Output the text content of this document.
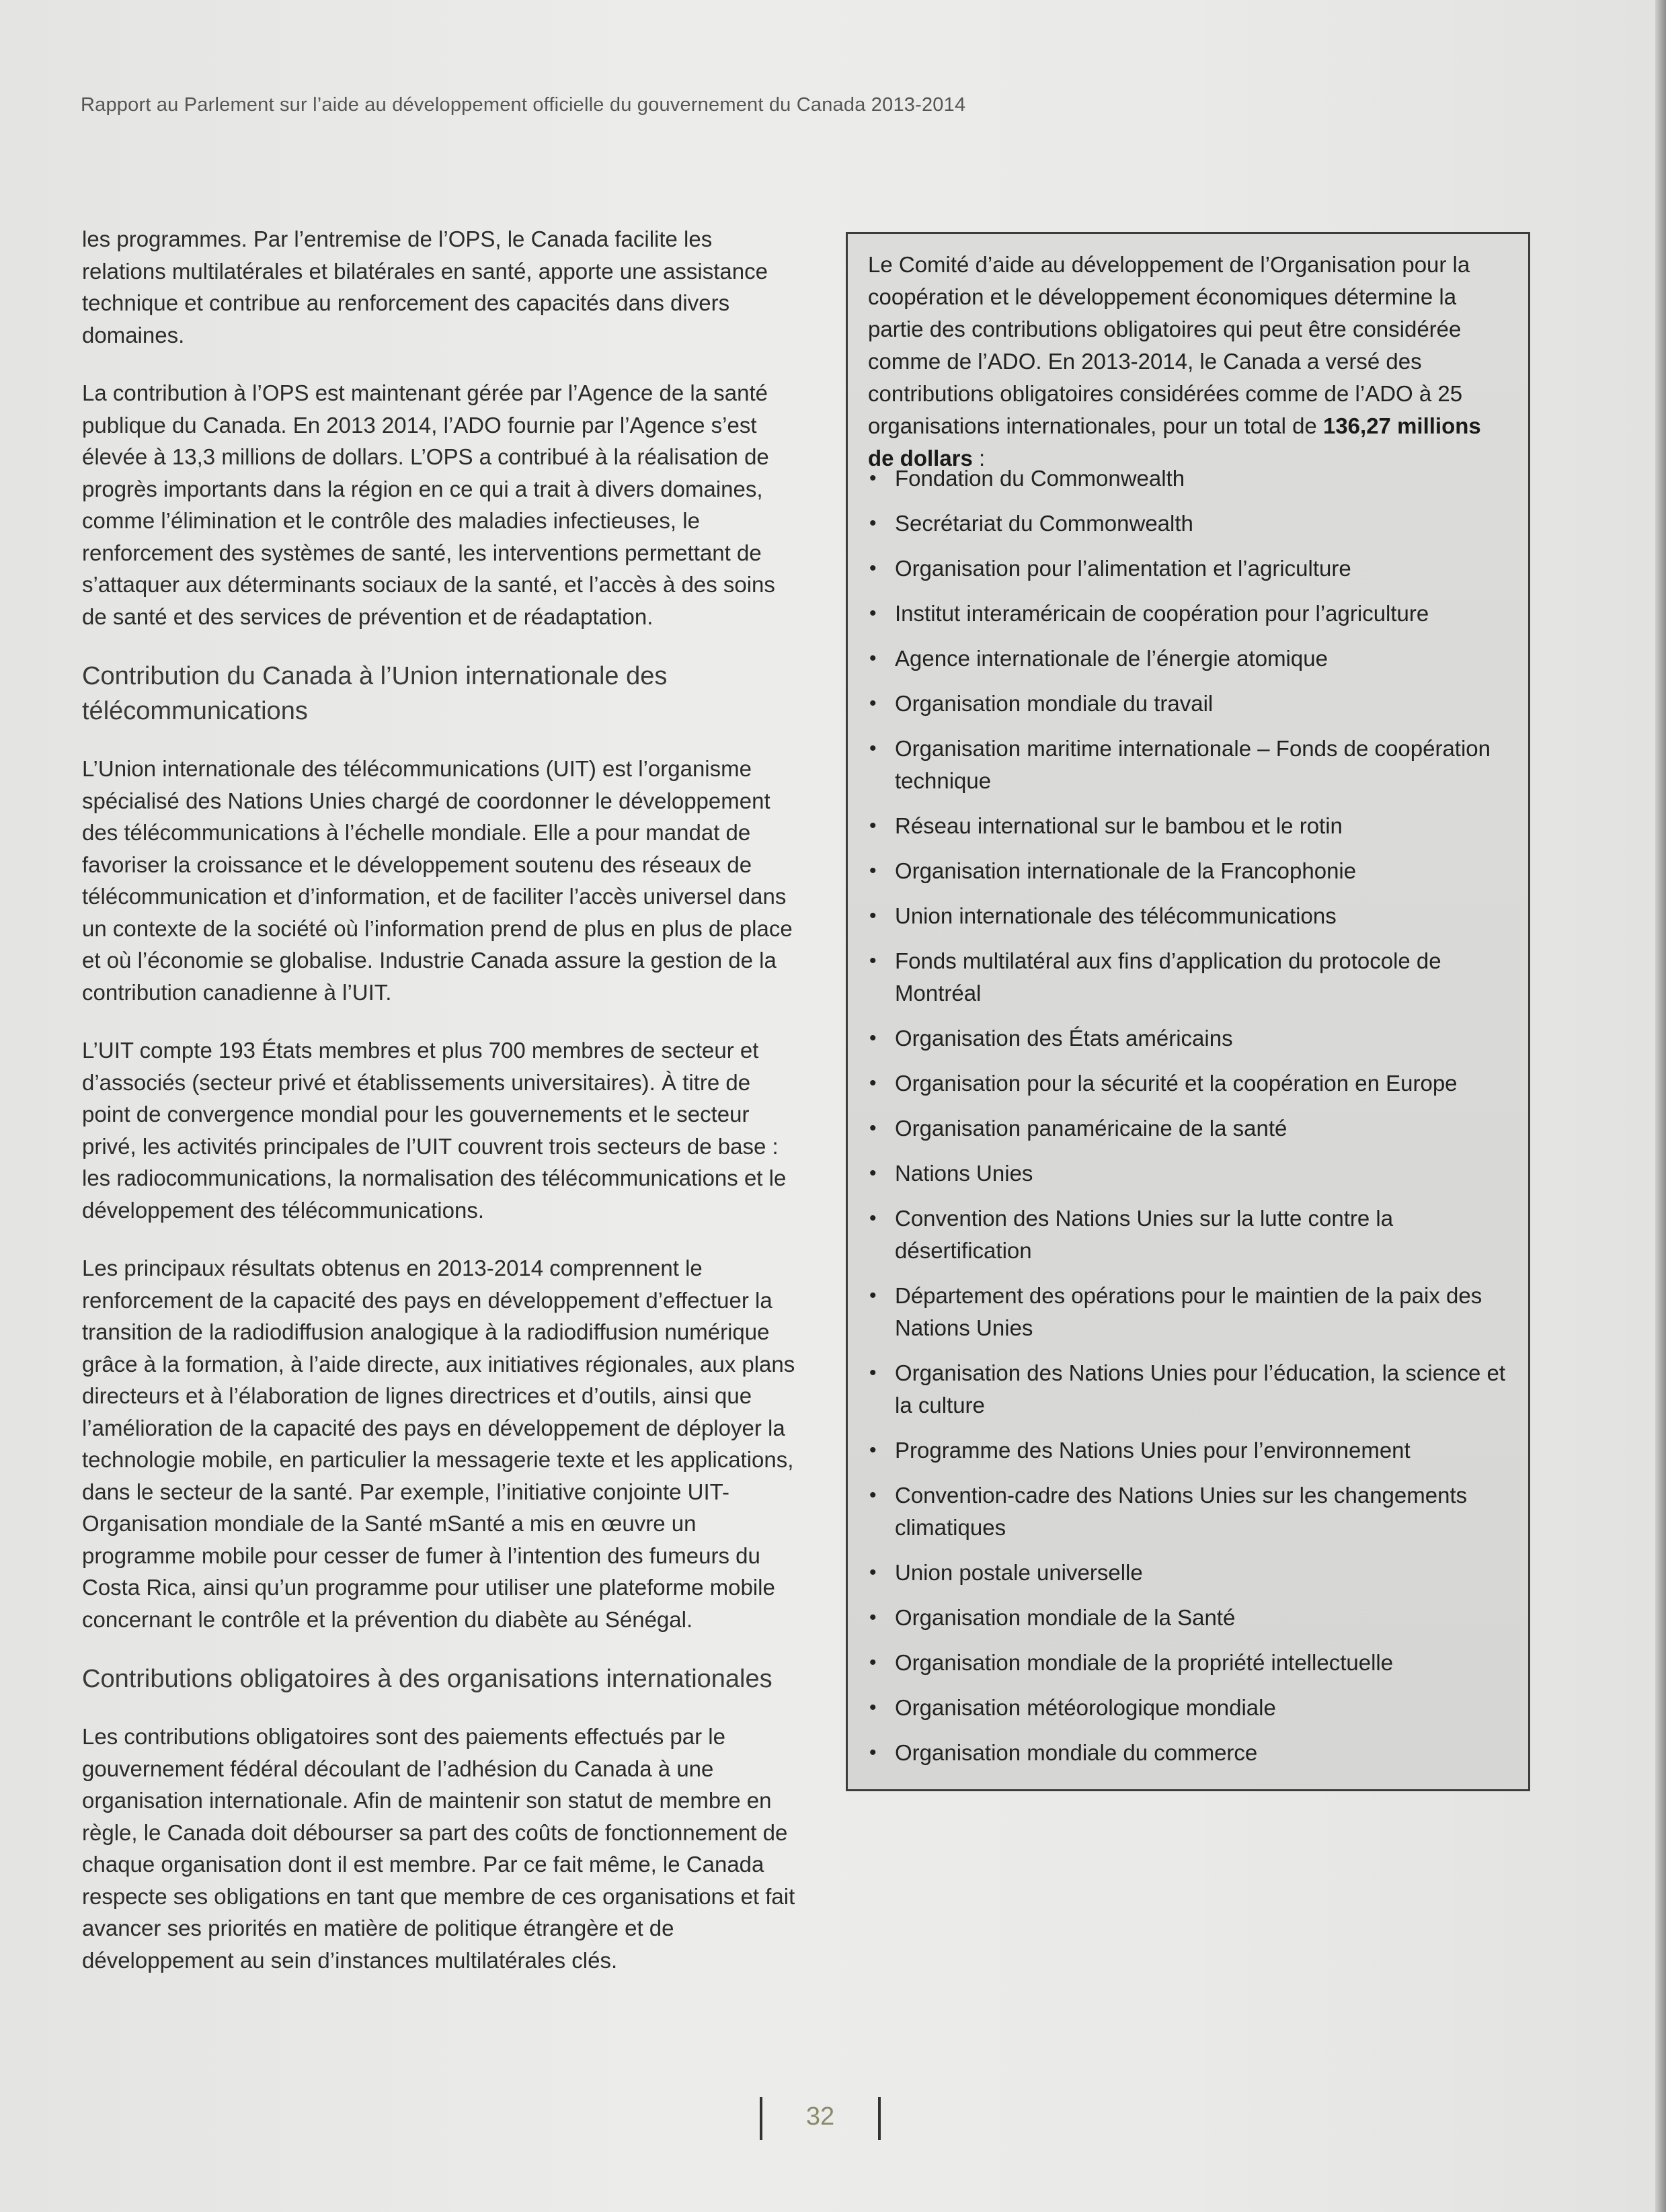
Rapport au Parlement sur l’aide au développement officielle du gouvernement du Canada 2013-2014

les programmes. Par l’entremise de l’OPS, le Canada facilite les relations multilatérales et bilatérales en santé, apporte une assistance technique et contribue au renforcement des capacités dans divers domaines.

La contribution à l’OPS est maintenant gérée par l’Agence de la santé publique du Canada. En 2013 2014, l’ADO fournie par l’Agence s’est élevée à 13,3 millions de dollars. L’OPS a contribué à la réalisation de progrès importants dans la région en ce qui a trait à divers domaines, comme l’élimination et le contrôle des maladies infectieuses, le renforcement des systèmes de santé, les interventions permettant de s’attaquer aux déterminants sociaux de la santé, et l’accès à des soins de santé et des services de prévention et de réadaptation.

Contribution du Canada à l’Union internationale des télécommunications

L’Union internationale des télécommunications (UIT) est l’organisme spécialisé des Nations Unies chargé de coordonner le développement des télécommunications à l’échelle mondiale. Elle a pour mandat de favoriser la croissance et le développement soutenu des réseaux de télécommunication et d’information, et de faciliter l’accès universel dans un contexte de la société où l’information prend de plus en plus de place et où l’économie se globalise. Industrie Canada assure la gestion de la contribution canadienne à l’UIT.

L’UIT compte 193 États membres et plus 700 membres de secteur et d’associés (secteur privé et établissements universitaires). À titre de point de convergence mondial pour les gouvernements et le secteur privé, les activités principales de l’UIT couvrent trois secteurs de base : les radiocommunications, la normalisation des télécommunications et le développement des télécommunications.

Les principaux résultats obtenus en 2013-2014 comprennent le renforcement de la capacité des pays en développement d’effectuer la transition de la radiodiffusion analogique à la radiodiffusion numérique grâce à la formation, à l’aide directe, aux initiatives régionales, aux plans directeurs et à l’élaboration de lignes directrices et d’outils, ainsi que l’amélioration de la capacité des pays en développement de déployer la technologie mobile, en particulier la messagerie texte et les applications, dans le secteur de la santé. Par exemple, l’initiative conjointe UIT-Organisation mondiale de la Santé mSanté a mis en œuvre un programme mobile pour cesser de fumer à l’intention des fumeurs du Costa Rica, ainsi qu’un programme pour utiliser une plateforme mobile concernant le contrôle et la prévention du diabète au Sénégal.

Contributions obligatoires à des organisations internationales

Les contributions obligatoires sont des paiements effectués par le gouvernement fédéral découlant de l’adhésion du Canada à une organisation internationale. Afin de maintenir son statut de membre en règle, le Canada doit débourser sa part des coûts de fonctionnement de chaque organisation dont il est membre. Par ce fait même, le Canada respecte ses obligations en tant que membre de ces organisations et fait avancer ses priorités en matière de politique étrangère et de développement au sein d’instances multilatérales clés.

Le Comité d’aide au développement de l’Organisation pour la coopération et le développement économiques détermine la partie des contributions obligatoires qui peut être considérée comme de l’ADO. En 2013-2014, le Canada a versé des contributions obligatoires considérées comme de l’ADO à 25 organisations internationales, pour un total de 136,27 millions de dollars :

• Fondation du Commonwealth
• Secrétariat du Commonwealth
• Organisation pour l’alimentation et l’agriculture
• Institut interaméricain de coopération pour l’agriculture
• Agence internationale de l’énergie atomique
• Organisation mondiale du travail
• Organisation maritime internationale – Fonds de coopération technique
• Réseau international sur le bambou et le rotin
• Organisation internationale de la Francophonie
• Union internationale des télécommunications
• Fonds multilatéral aux fins d’application du protocole de Montréal
• Organisation des États américains
• Organisation pour la sécurité et la coopération en Europe
• Organisation panaméricaine de la santé
• Nations Unies
• Convention des Nations Unies sur la lutte contre la désertification
• Département des opérations pour le maintien de la paix des Nations Unies
• Organisation des Nations Unies pour l’éducation, la science et la culture
• Programme des Nations Unies pour l’environnement
• Convention-cadre des Nations Unies sur les changements climatiques
• Union postale universelle
• Organisation mondiale de la Santé
• Organisation mondiale de la propriété intellectuelle
• Organisation météorologique mondiale
• Organisation mondiale du commerce
32
